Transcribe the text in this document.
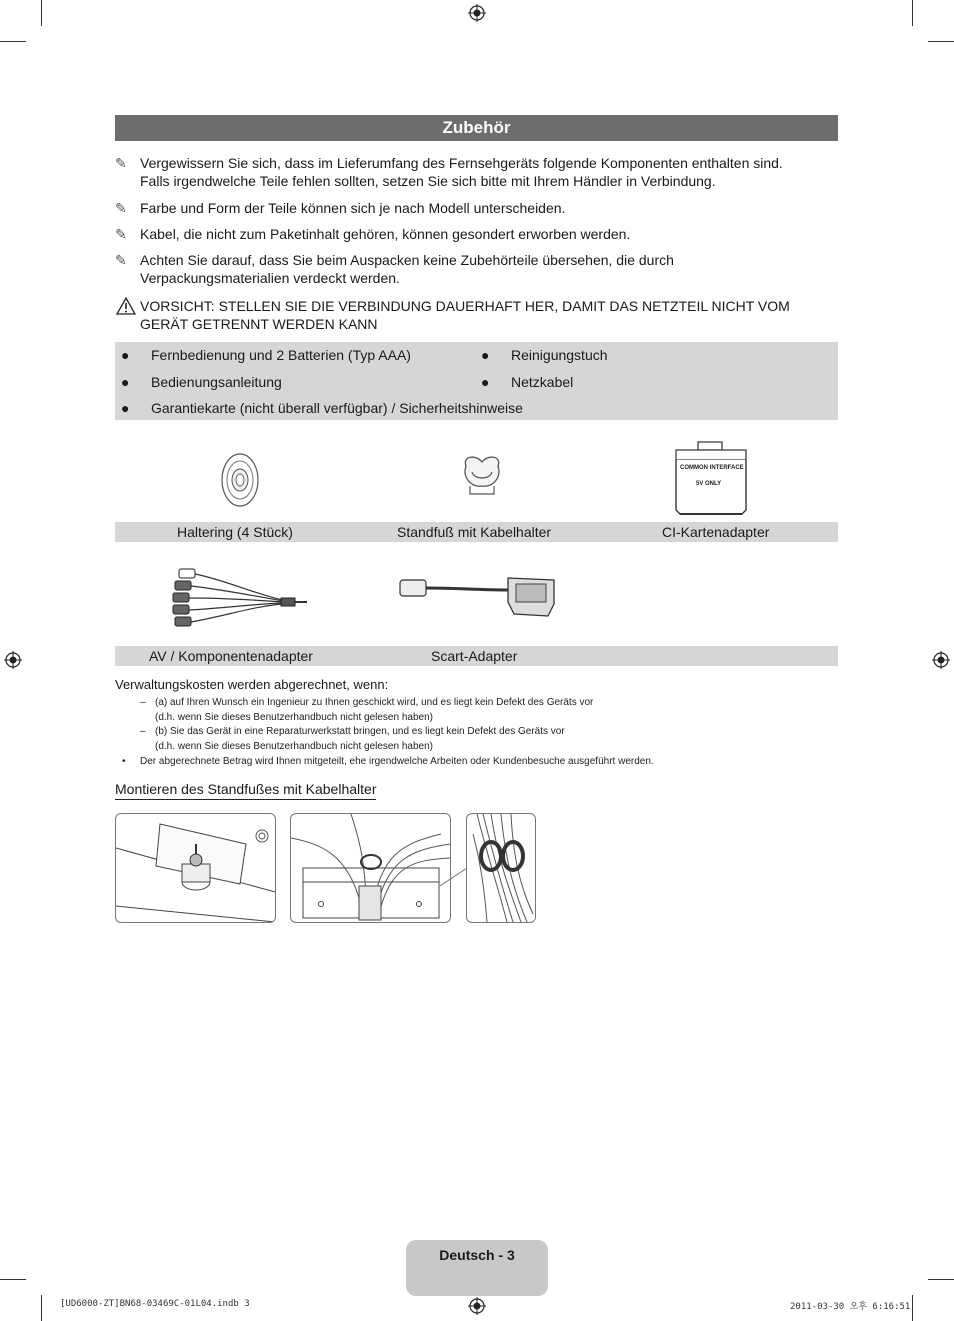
Zubehör
✎ Vergewissern Sie sich, dass im Lieferumfang des Fernsehgeräts folgende Komponenten enthalten sind.
Falls irgendwelche Teile fehlen sollten, setzen Sie sich bitte mit Ihrem Händler in Verbindung.
✎ Farbe und Form der Teile können sich je nach Modell unterscheiden.
✎ Kabel, die nicht zum Paketinhalt gehören, können gesondert erworben werden.
✎ Achten Sie darauf, dass Sie beim Auspacken keine Zubehörteile übersehen, die durch
Verpackungsmaterialien verdeckt werden.
VORSICHT: STELLEN SIE DIE VERBINDUNG DAUERHAFT HER, DAMIT DAS NETZTEIL NICHT VOM
GERÄT GETRENNT WERDEN KANN
● Fernbedienung und 2 Batterien (Typ AAA)	● Reinigungstuch
● Bedienungsanleitung	● Netzkabel
● Garantiekarte (nicht überall verfügbar) / Sicherheitshinweise
COMMON INTERFACE
5V ONLY
Haltering (4 Stück)	Standfuß mit Kabelhalter	CI-Kartenadapter
AV / Komponentenadapter	Scart-Adapter
Verwaltungskosten werden abgerechnet, wenn:
– (a) auf Ihren Wunsch ein Ingenieur zu Ihnen geschickt wird, und es liegt kein Defekt des Geräts vor
(d.h. wenn Sie dieses Benutzerhandbuch nicht gelesen haben)
– (b) Sie das Gerät in eine Reparaturwerkstatt bringen, und es liegt kein Defekt des Geräts vor
(d.h. wenn Sie dieses Benutzerhandbuch nicht gelesen haben)
• Der abgerechnete Betrag wird Ihnen mitgeteilt, ehe irgendwelche Arbeiten oder Kundenbesuche ausgeführt werden.
Montieren des Standfußes mit Kabelhalter
Deutsch - 3
[UD6000-ZT]BN68-03469C-01L04.indb 3	2011-03-30 오후 6:16:51
